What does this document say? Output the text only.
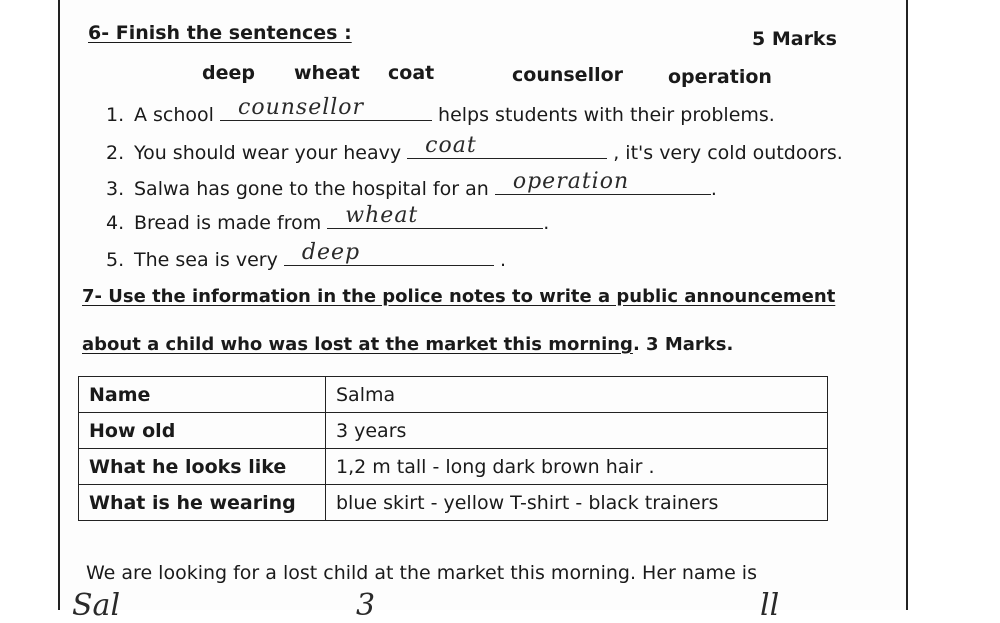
6- Finish the sentences :	5 Marks
deep wheat coat	counsellor operation
1. A school counsellor	helps students with their problems.
2. You should wear your heavy coat	, it's very cold outdoors.
3. Salwa has gone to the hospital for an operation	.
4. Bread is made from wheat	.
5. The sea is very deep	.
7- Use the information in the police notes to write a public announcement
about a child who was lost at the market this morning. 3 Marks.
Name	Salma
How old	3 years
What he looks like	1,2 m tall - long dark brown hair .
What is he wearing	blue skirt - yellow T-shirt - black trainers
We are looking for a lost child at the market this morning. Her name is
Sal	3	ll
